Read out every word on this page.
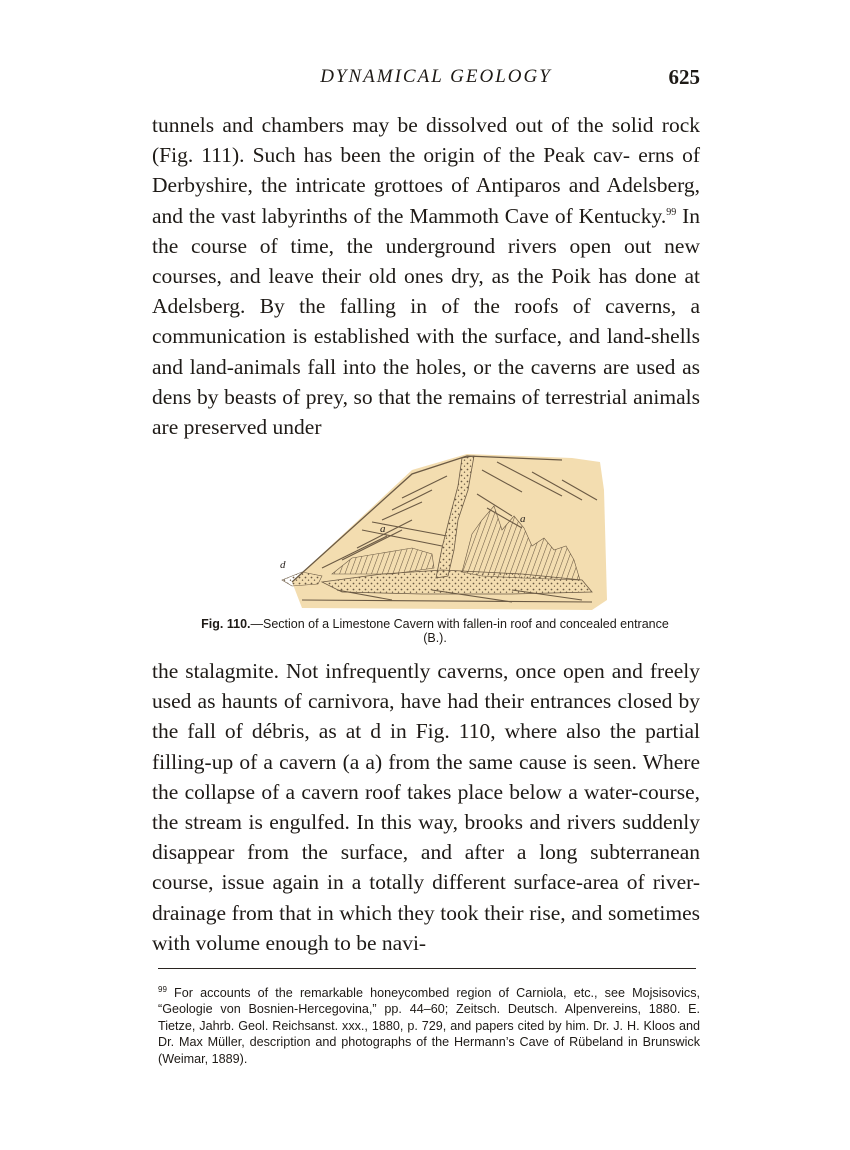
DYNAMICAL GEOLOGY	625

tunnels and chambers may be dissolved out of the solid rock (Fig. 111). Such has been the origin of the Peak cav- erns of Derbyshire, the intricate grottoes of Antiparos and Adelsberg, and the vast labyrinths of the Mammoth Cave of Kentucky.$^{99}$ In the course of time, the underground rivers open out new courses, and leave their old ones dry, as the Poik has done at Adelsberg. By the falling in of the roofs of caverns, a communication is established with the surface, and land-shells and land-animals fall into the holes, or the caverns are used as dens by beasts of prey, so that the remains of terrestrial animals are preserved under

a
a
d
Fig. 110.—Section of a Limestone Cavern with fallen-in roof and concealed entrance (B.).

the stalagmite. Not infrequently caverns, once open and freely used as haunts of carnivora, have had their entrances closed by the fall of débris, as at d in Fig. 110, where also the partial filling-up of a cavern (a a) from the same cause is seen. Where the collapse of a cavern roof takes place below a water-course, the stream is engulfed. In this way, brooks and rivers suddenly disappear from the surface, and after a long subterranean course, issue again in a totally different surface-area of river-drainage from that in which they took their rise, and sometimes with volume enough to be navi-

$^{99}$ For accounts of the remarkable honeycombed region of Carniola, etc., see Mojsisovics, “Geologie von Bosnien-Hercegovina,” pp. 44–60; Zeitsch. Deutsch. Alpenvereins, 1880. E. Tietze, Jahrb. Geol. Reichsanst. xxx., 1880, p. 729, and papers cited by him. Dr. J. H. Kloos and Dr. Max Müller, description and photographs of the Hermann’s Cave of Rübeland in Brunswick (Weimar, 1889).
